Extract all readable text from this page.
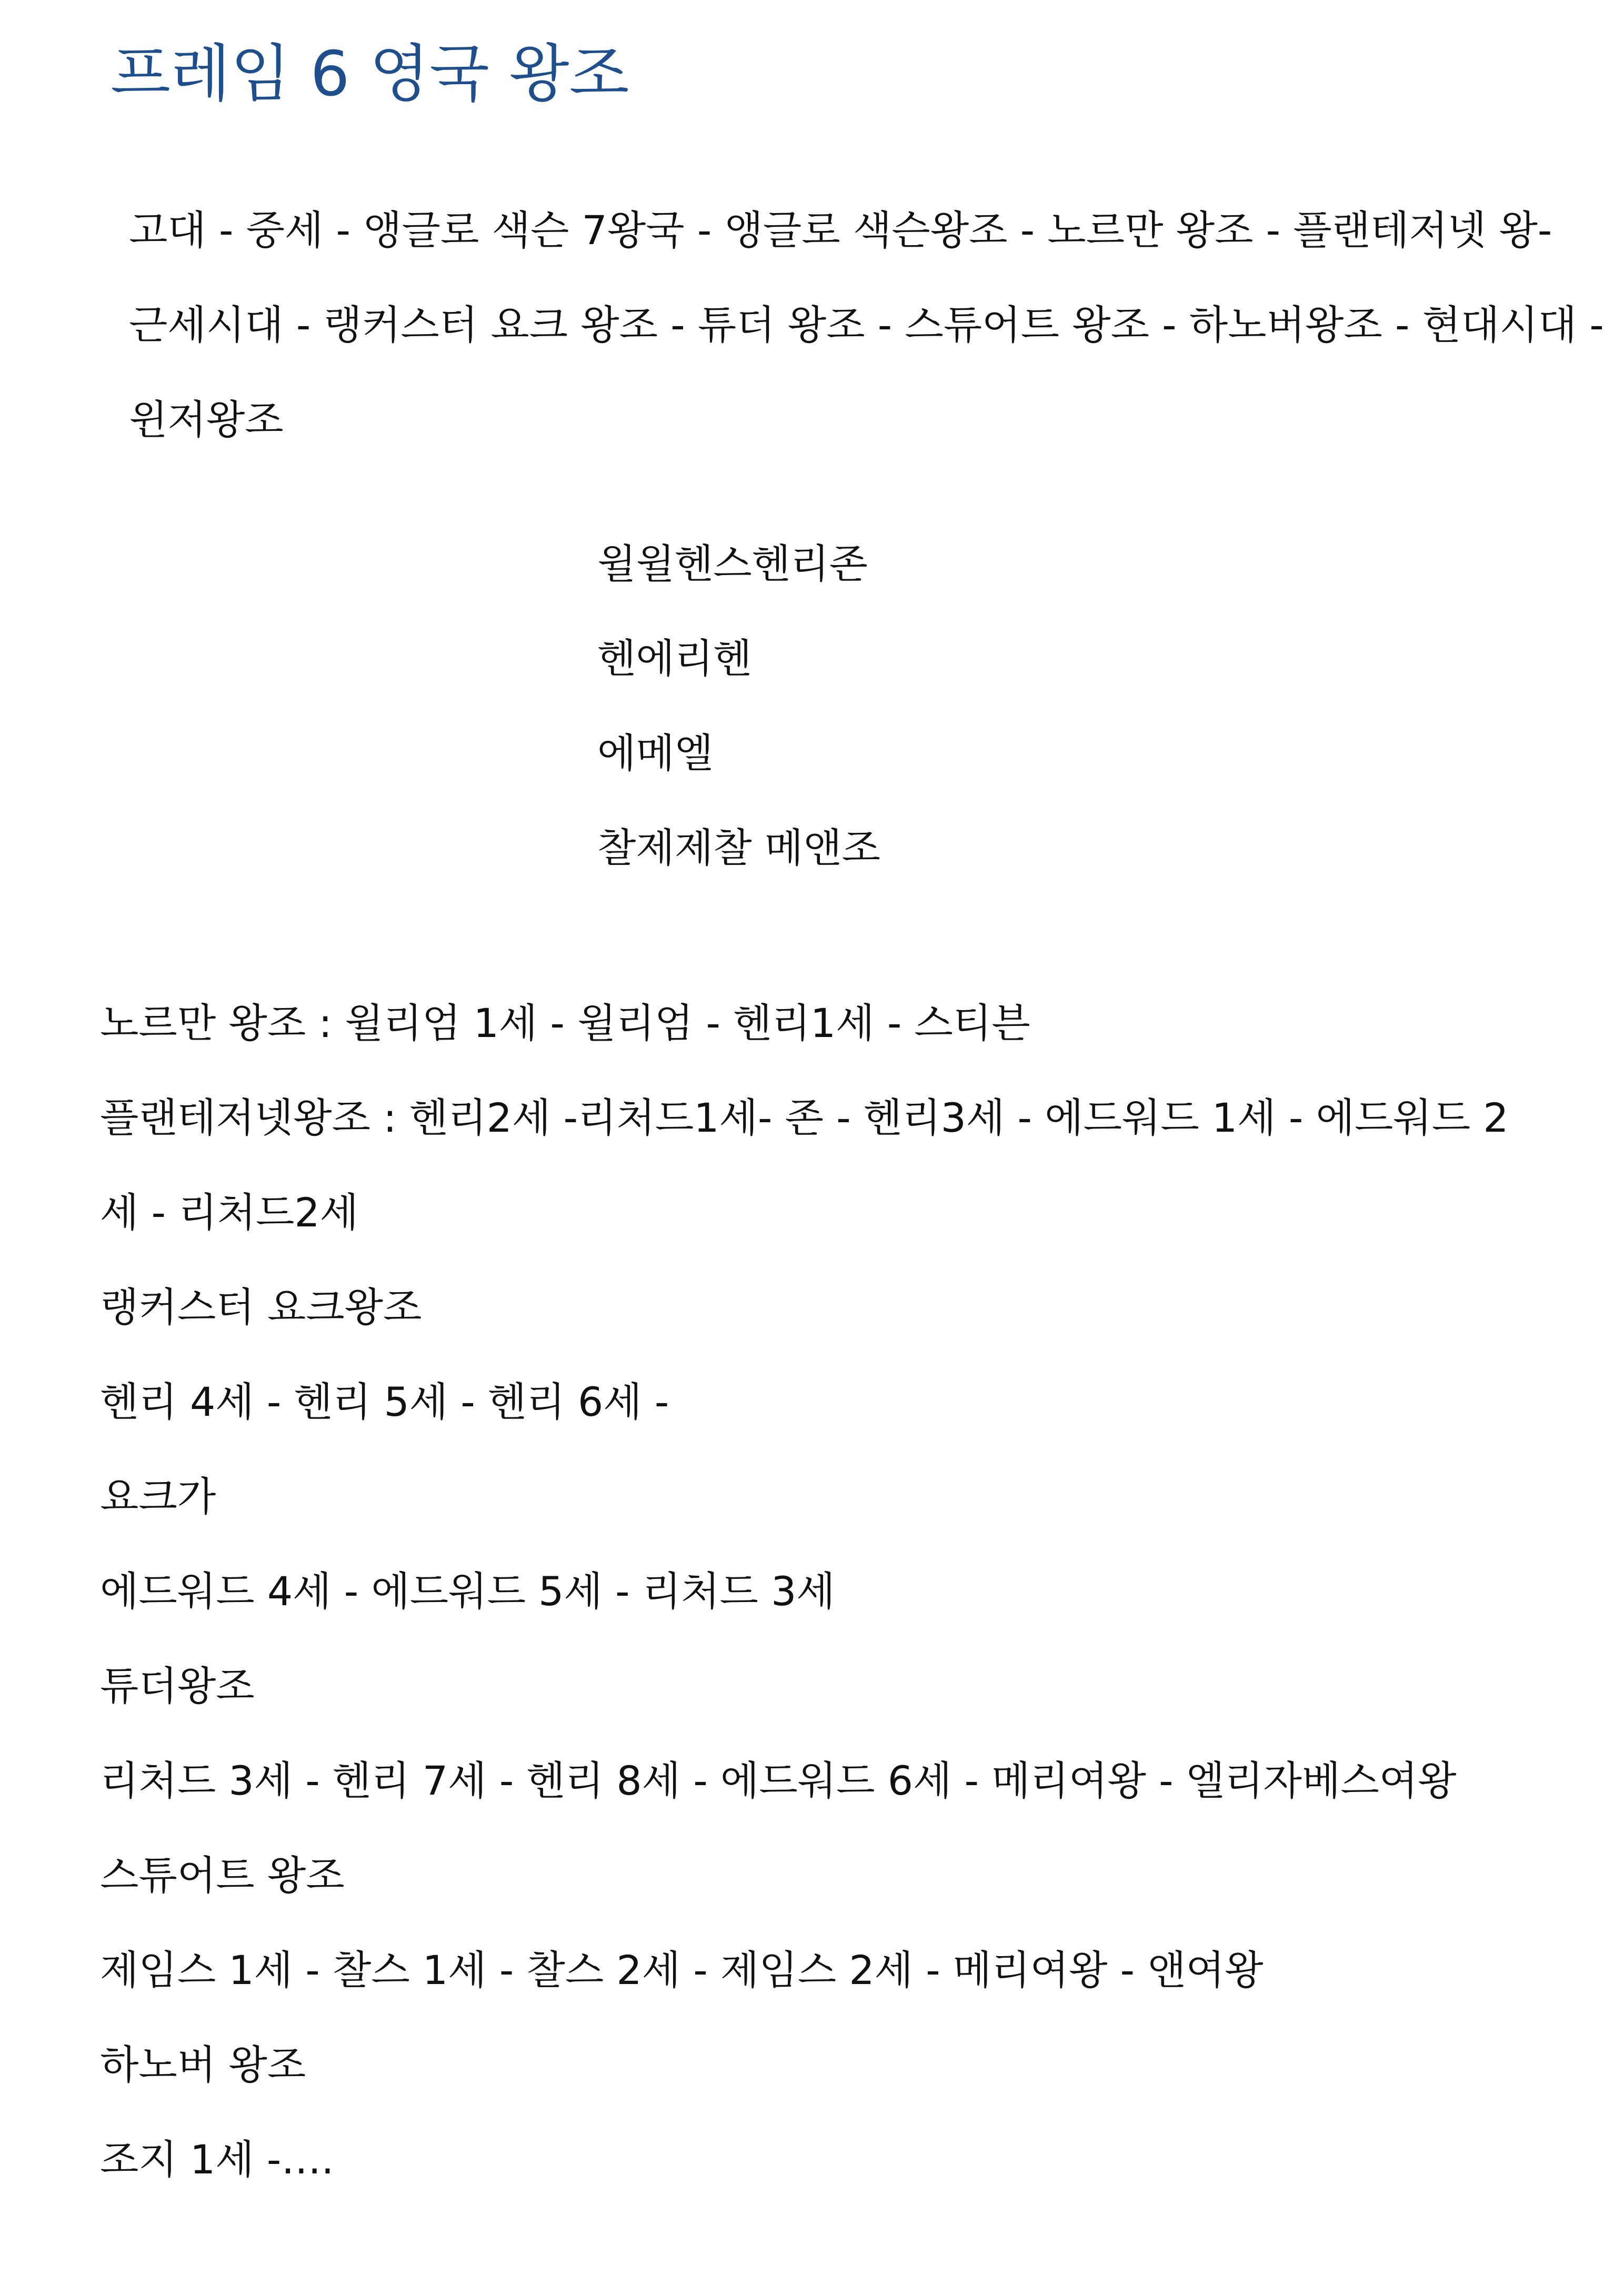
프레임 6 영국 왕조
고대 - 중세 - 앵글로 색슨 7왕국 - 앵글로 색슨왕조 - 노르만 왕조 - 플랜테저넷 왕-
근세시대 - 랭커스터 요크 왕조 - 튜더 왕조 - 스튜어트 왕조 - 하노버왕조 - 현대시대 -
윈저왕조
윌윌헨스헨리존
헨에리헨
에메엘
찰제제찰 메앤조
노르만 왕조 : 윌리엄 1세 - 윌리엄 - 헨리1세 - 스티븐
플랜테저넷왕조 : 헨리2세 -리처드1세- 존 - 헨리3세 - 에드워드 1세 - 에드워드 2
세 - 리처드2세
랭커스터 요크왕조
헨리 4세 - 헨리 5세 - 헨리 6세 -
요크가
에드워드 4세 - 에드워드 5세 - 리처드 3세
튜더왕조
리처드 3세 - 헨리 7세 - 헨리 8세 - 에드워드 6세 - 메리여왕 - 엘리자베스여왕
스튜어트 왕조
제임스 1세 - 찰스 1세 - 찰스 2세 - 제임스 2세 - 메리여왕 - 앤여왕
하노버 왕조
조지 1세 -….
